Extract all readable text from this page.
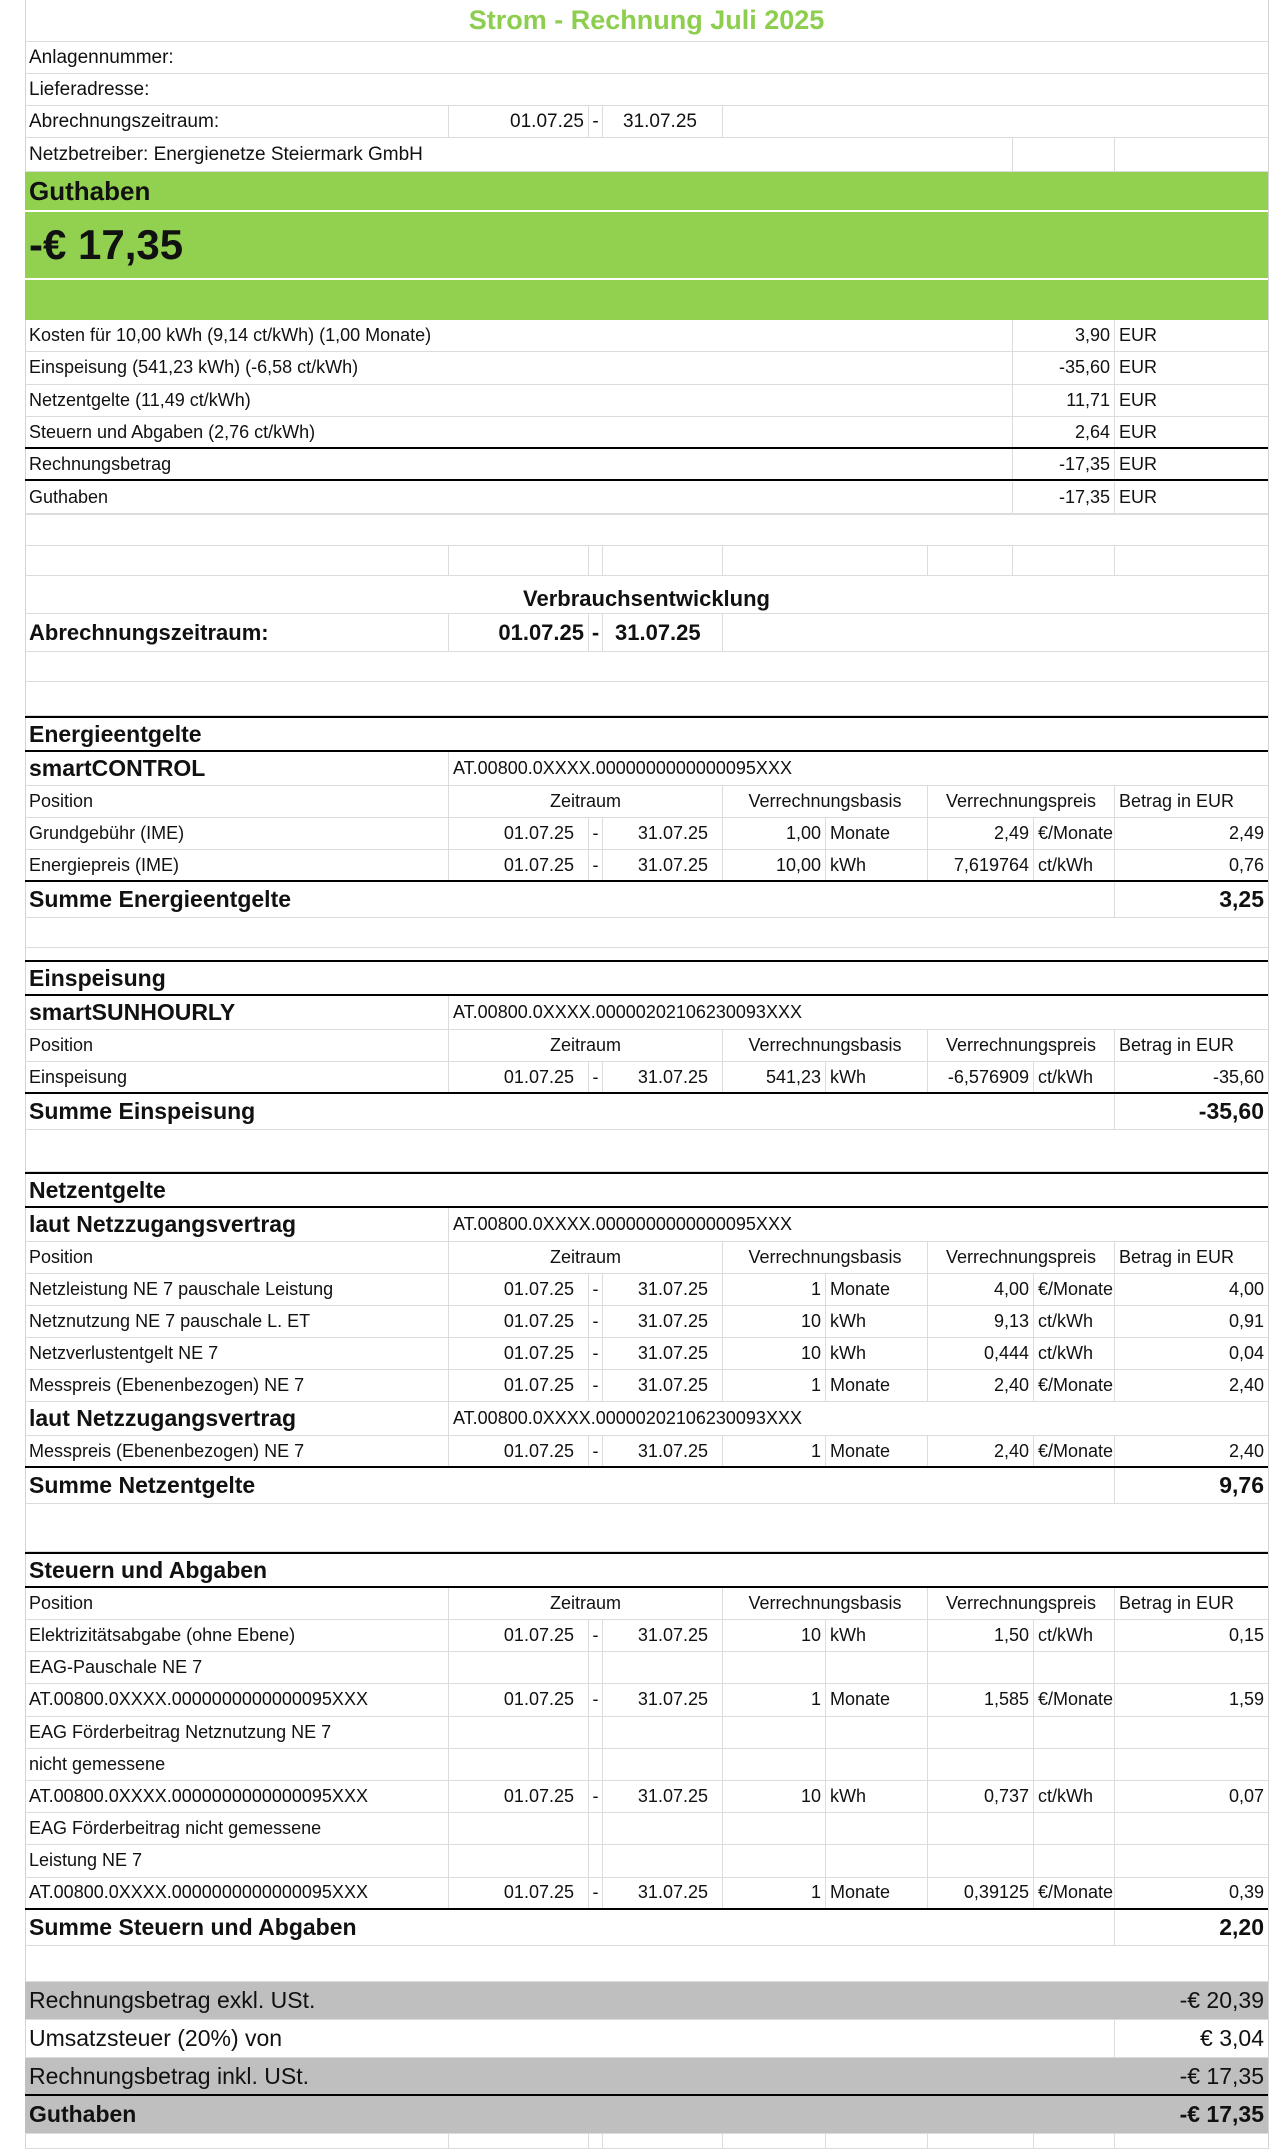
Strom - Rechnung Juli 2025
Anlagennummer:
Lieferadresse:
Abrechnungszeitraum:	01.07.25 -	31.07.25
Netzbetreiber: Energienetze Steiermark GmbH
Guthaben
-€ 17,35
Verbrauchsentwicklung
Abrechnungszeitraum:	01.07.25 - 31.07.25
Kosten für 10,00 kWh (9,14 ct/kWh) (1,00 Monate)	3,90 EUR
Einspeisung (541,23 kWh) (-6,58 ct/kWh)	-35,60 EUR
Netzentgelte (11,49 ct/kWh)	11,71 EUR
Steuern und Abgaben (2,76 ct/kWh)	2,64 EUR
Rechnungsbetrag	-17,35 EUR
Guthaben	-17,35 EUR
Energieentgelte
smartCONTROL	AT.00800.0XXXX.0000000000000095XXX
Position	Zeitraum	Verrechnungsbasis	Verrechnungspreis	Betrag in EUR
Grundgebühr (IME)	01.07.25	-	31.07.25	1,00 Monate	2,49 €/Monate	2,49
Energiepreis (IME)	01.07.25	-	31.07.25	10,00 kWh	7,619764 ct/kWh	0,76
Summe Energieentgelte	3,25
Einspeisung
smartSUNHOURLY	AT.00800.0XXXX.00000202106230093XXX
Position	Zeitraum	Verrechnungsbasis	Verrechnungspreis	Betrag in EUR
Einspeisung	01.07.25	-	31.07.25	541,23 kWh	-6,576909 ct/kWh	-35,60
Summe Einspeisung	-35,60
Netzentgelte
laut Netzzugangsvertrag	AT.00800.0XXXX.0000000000000095XXX
Position	Zeitraum	Verrechnungsbasis	Verrechnungspreis	Betrag in EUR
Netzleistung NE 7 pauschale Leistung	01.07.25	-	31.07.25	1 Monate	4,00 €/Monate	4,00
Netznutzung NE 7 pauschale L. ET	01.07.25	-	31.07.25	10 kWh	9,13 ct/kWh	0,91
Netzverlustentgelt NE 7	01.07.25	-	31.07.25	10 kWh	0,444 ct/kWh	0,04
Messpreis (Ebenenbezogen) NE 7	01.07.25	-	31.07.25	1 Monate	2,40 €/Monate	2,40
laut Netzzugangsvertrag	AT.00800.0XXXX.00000202106230093XXX
Messpreis (Ebenenbezogen) NE 7	01.07.25	-	31.07.25	1 Monate	2,40 €/Monate	2,40
Summe Netzentgelte	9,76
Steuern und Abgaben
Position	Zeitraum	Verrechnungsbasis	Verrechnungspreis	Betrag in EUR
Elektrizitätsabgabe (ohne Ebene)	01.07.25	-	31.07.25	10 kWh	1,50 ct/kWh	0,15
EAG-Pauschale NE 7
AT.00800.0XXXX.0000000000000095XXX	01.07.25	-	31.07.25	1 Monate	1,585 €/Monate	1,59
EAG Förderbeitrag Netznutzung NE 7
nicht gemessene
AT.00800.0XXXX.0000000000000095XXX	01.07.25	-	31.07.25	10 kWh	0,737 ct/kWh	0,07
EAG Förderbeitrag nicht gemessene
Leistung NE 7
AT.00800.0XXXX.0000000000000095XXX	01.07.25	-	31.07.25	1 Monate	0,39125 €/Monate	0,39
Summe Steuern und Abgaben	2,20
Rechnungsbetrag exkl. USt.	-€ 20,39
Umsatzsteuer (20%) von	€ 3,04
Rechnungsbetrag inkl. USt.	-€ 17,35
Guthaben	-€ 17,35
